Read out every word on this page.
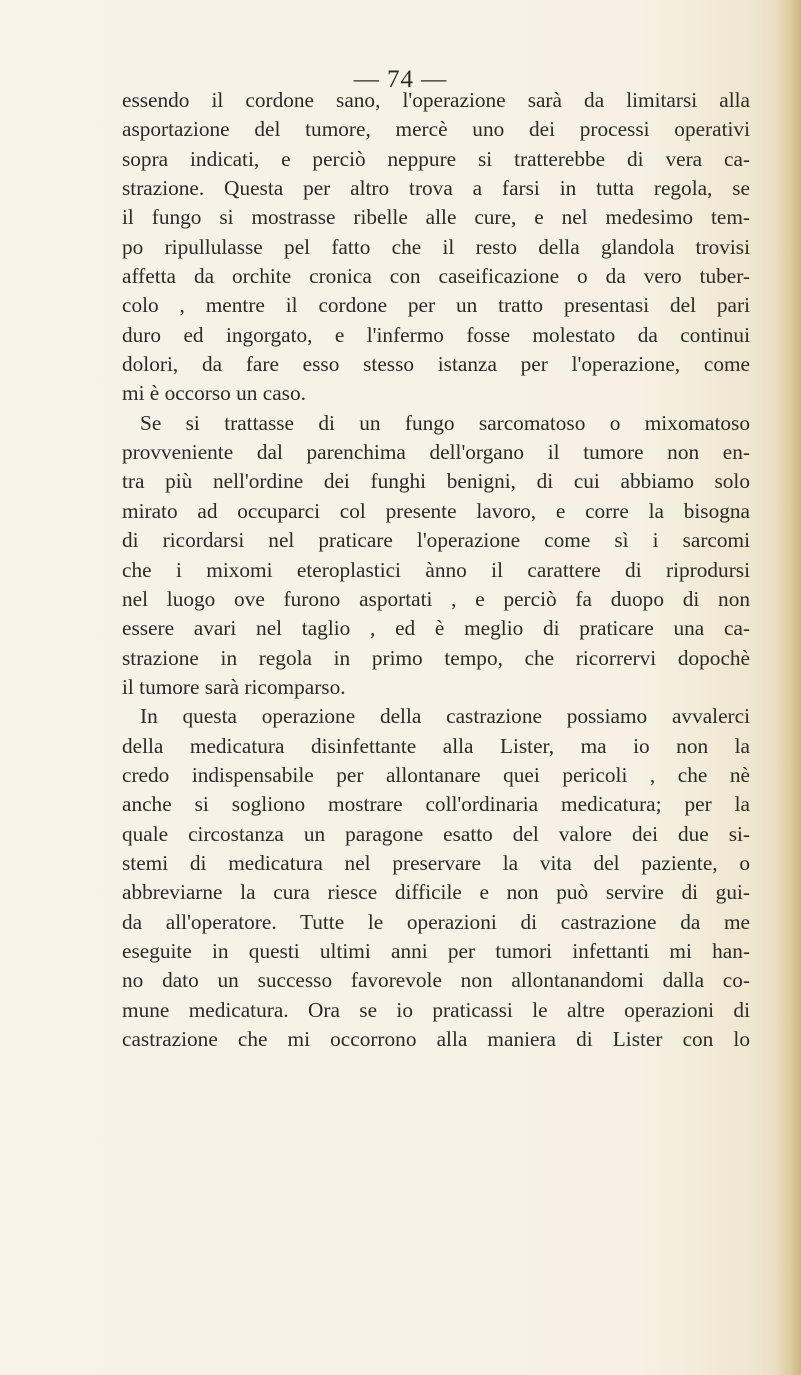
— 74 —
essendo il cordone sano, l'operazione sarà da limitarsi alla
asportazione del tumore, mercè uno dei processi operativi
sopra indicati, e perciò neppure si tratterebbe di vera ca-
strazione. Questa per altro trova a farsi in tutta regola, se
il fungo si mostrasse ribelle alle cure, e nel medesimo tem-
po ripullulasse pel fatto che il resto della glandola trovisi
affetta da orchite cronica con caseificazione o da vero tuber-
colo , mentre il cordone per un tratto presentasi del pari
duro ed ingorgato, e l'infermo fosse molestato da continui
dolori, da fare esso stesso istanza per l'operazione, come
mi è occorso un caso.
Se si trattasse di un fungo sarcomatoso o mixomatoso
provveniente dal parenchima dell'organo il tumore non en-
tra più nell'ordine dei funghi benigni, di cui abbiamo solo
mirato ad occuparci col presente lavoro, e corre la bisogna
di ricordarsi nel praticare l'operazione come sì i sarcomi
che i mixomi eteroplastici ànno il carattere di riprodursi
nel luogo ove furono asportati , e perciò fa duopo di non
essere avari nel taglio , ed è meglio di praticare una ca-
strazione in regola in primo tempo, che ricorrervi dopochè
il tumore sarà ricomparso.
In questa operazione della castrazione possiamo avvalerci
della medicatura disinfettante alla Lister, ma io non la
credo indispensabile per allontanare quei pericoli , che nè
anche si sogliono mostrare coll'ordinaria medicatura; per la
quale circostanza un paragone esatto del valore dei due si-
stemi di medicatura nel preservare la vita del paziente, o
abbreviarne la cura riesce difficile e non può servire di gui-
da all'operatore. Tutte le operazioni di castrazione da me
eseguite in questi ultimi anni per tumori infettanti mi han-
no dato un successo favorevole non allontanandomi dalla co-
mune medicatura. Ora se io praticassi le altre operazioni di
castrazione che mi occorrono alla maniera di Lister con lo
